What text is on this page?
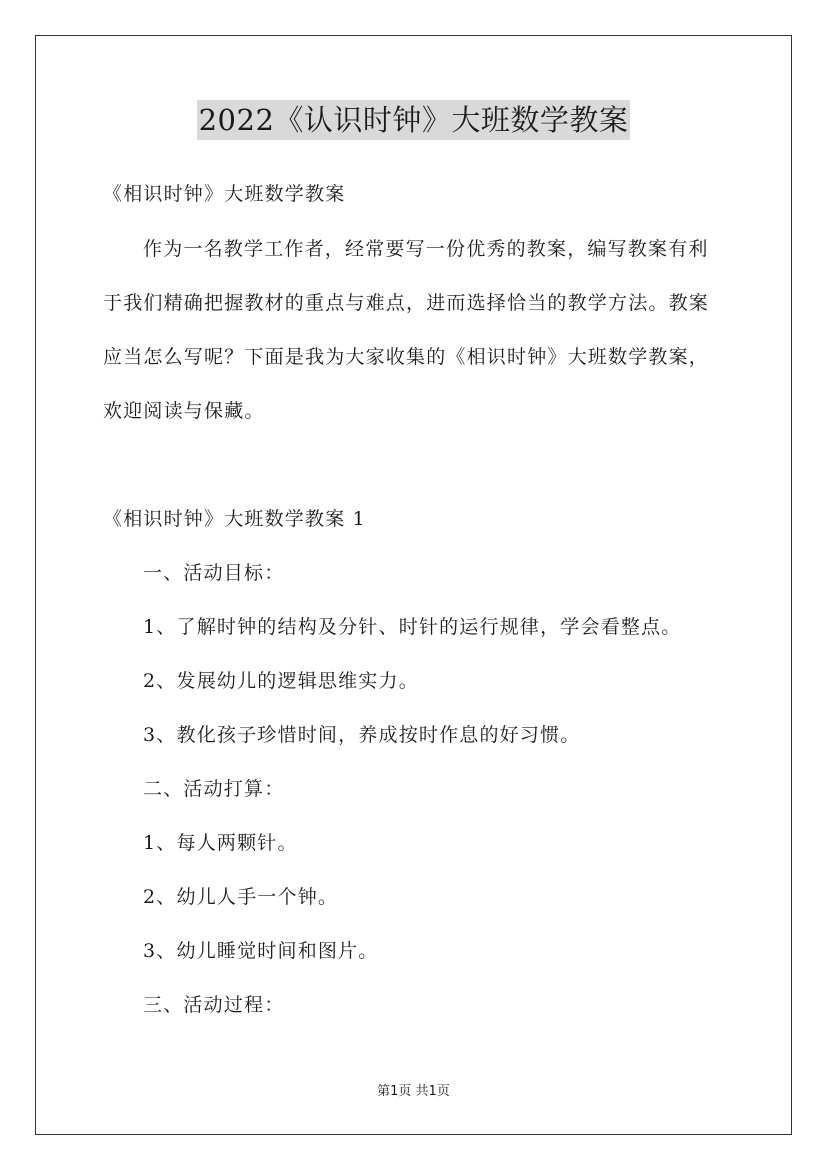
2022《认识时钟》大班数学教案
《相识时钟》大班数学教案
作为一名教学工作者，经常要写一份优秀的教案，编写教案有利
于我们精确把握教材的重点与难点，进而选择恰当的教学方法。教案
应当怎么写呢？下面是我为大家收集的《相识时钟》大班数学教案，
欢迎阅读与保藏。
《相识时钟》大班数学教案 1
一、活动目标：
1、了解时钟的结构及分针、时针的运行规律，学会看整点。
2、发展幼儿的逻辑思维实力。
3、教化孩子珍惜时间，养成按时作息的好习惯。
二、活动打算：
1、每人两颗针。
2、幼儿人手一个钟。
3、幼儿睡觉时间和图片。
三、活动过程：
第1页 共1页
